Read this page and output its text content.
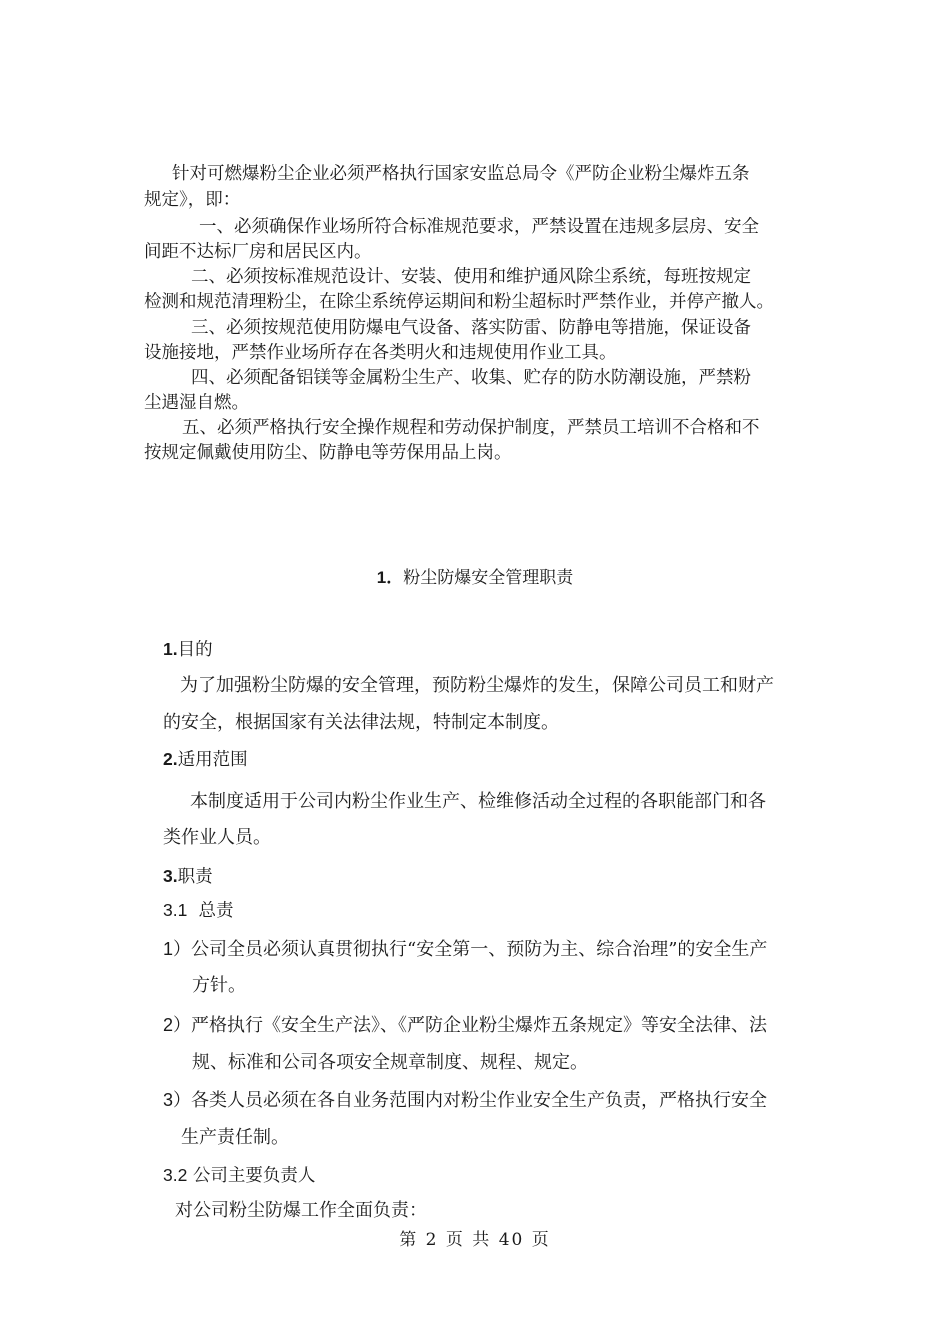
针对可燃爆粉尘企业必须严格执行国家安监总局令《严防企业粉尘爆炸五条
规定》，即：
一、必须确保作业场所符合标准规范要求，严禁设置在违规多层房、安全
间距不达标厂房和居民区内。
二、必须按标准规范设计、安装、使用和维护通风除尘系统，每班按规定
检测和规范清理粉尘，在除尘系统停运期间和粉尘超标时严禁作业，并停产撤人。
三、必须按规范使用防爆电气设备、落实防雷、防静电等措施，保证设备
设施接地，严禁作业场所存在各类明火和违规使用作业工具。
四、必须配备铝镁等金属粉尘生产、收集、贮存的防水防潮设施，严禁粉
尘遇湿自燃。
五、必须严格执行安全操作规程和劳动保护制度，严禁员工培训不合格和不
按规定佩戴使用防尘、防静电等劳保用品上岗。
1．粉尘防爆安全管理职责
1.目的
为了加强粉尘防爆的安全管理，预防粉尘爆炸的发生，保障公司员工和财产
的安全，根据国家有关法律法规，特制定本制度。
2.适用范围
本制度适用于公司内粉尘作业生产、检维修活动全过程的各职能部门和各
类作业人员。
3.职责
3.1 总责
1）公司全员必须认真贯彻执行“安全第一、预防为主、综合治理”的安全生产
方针。
2）严格执行《安全生产法》、《严防企业粉尘爆炸五条规定》等安全法律、法
规、标准和公司各项安全规章制度、规程、规定。
3）各类人员必须在各自业务范围内对粉尘作业安全生产负责，严格执行安全
生产责任制。
3.2 公司主要负责人
对公司粉尘防爆工作全面负责：
第 2 页 共 40 页
